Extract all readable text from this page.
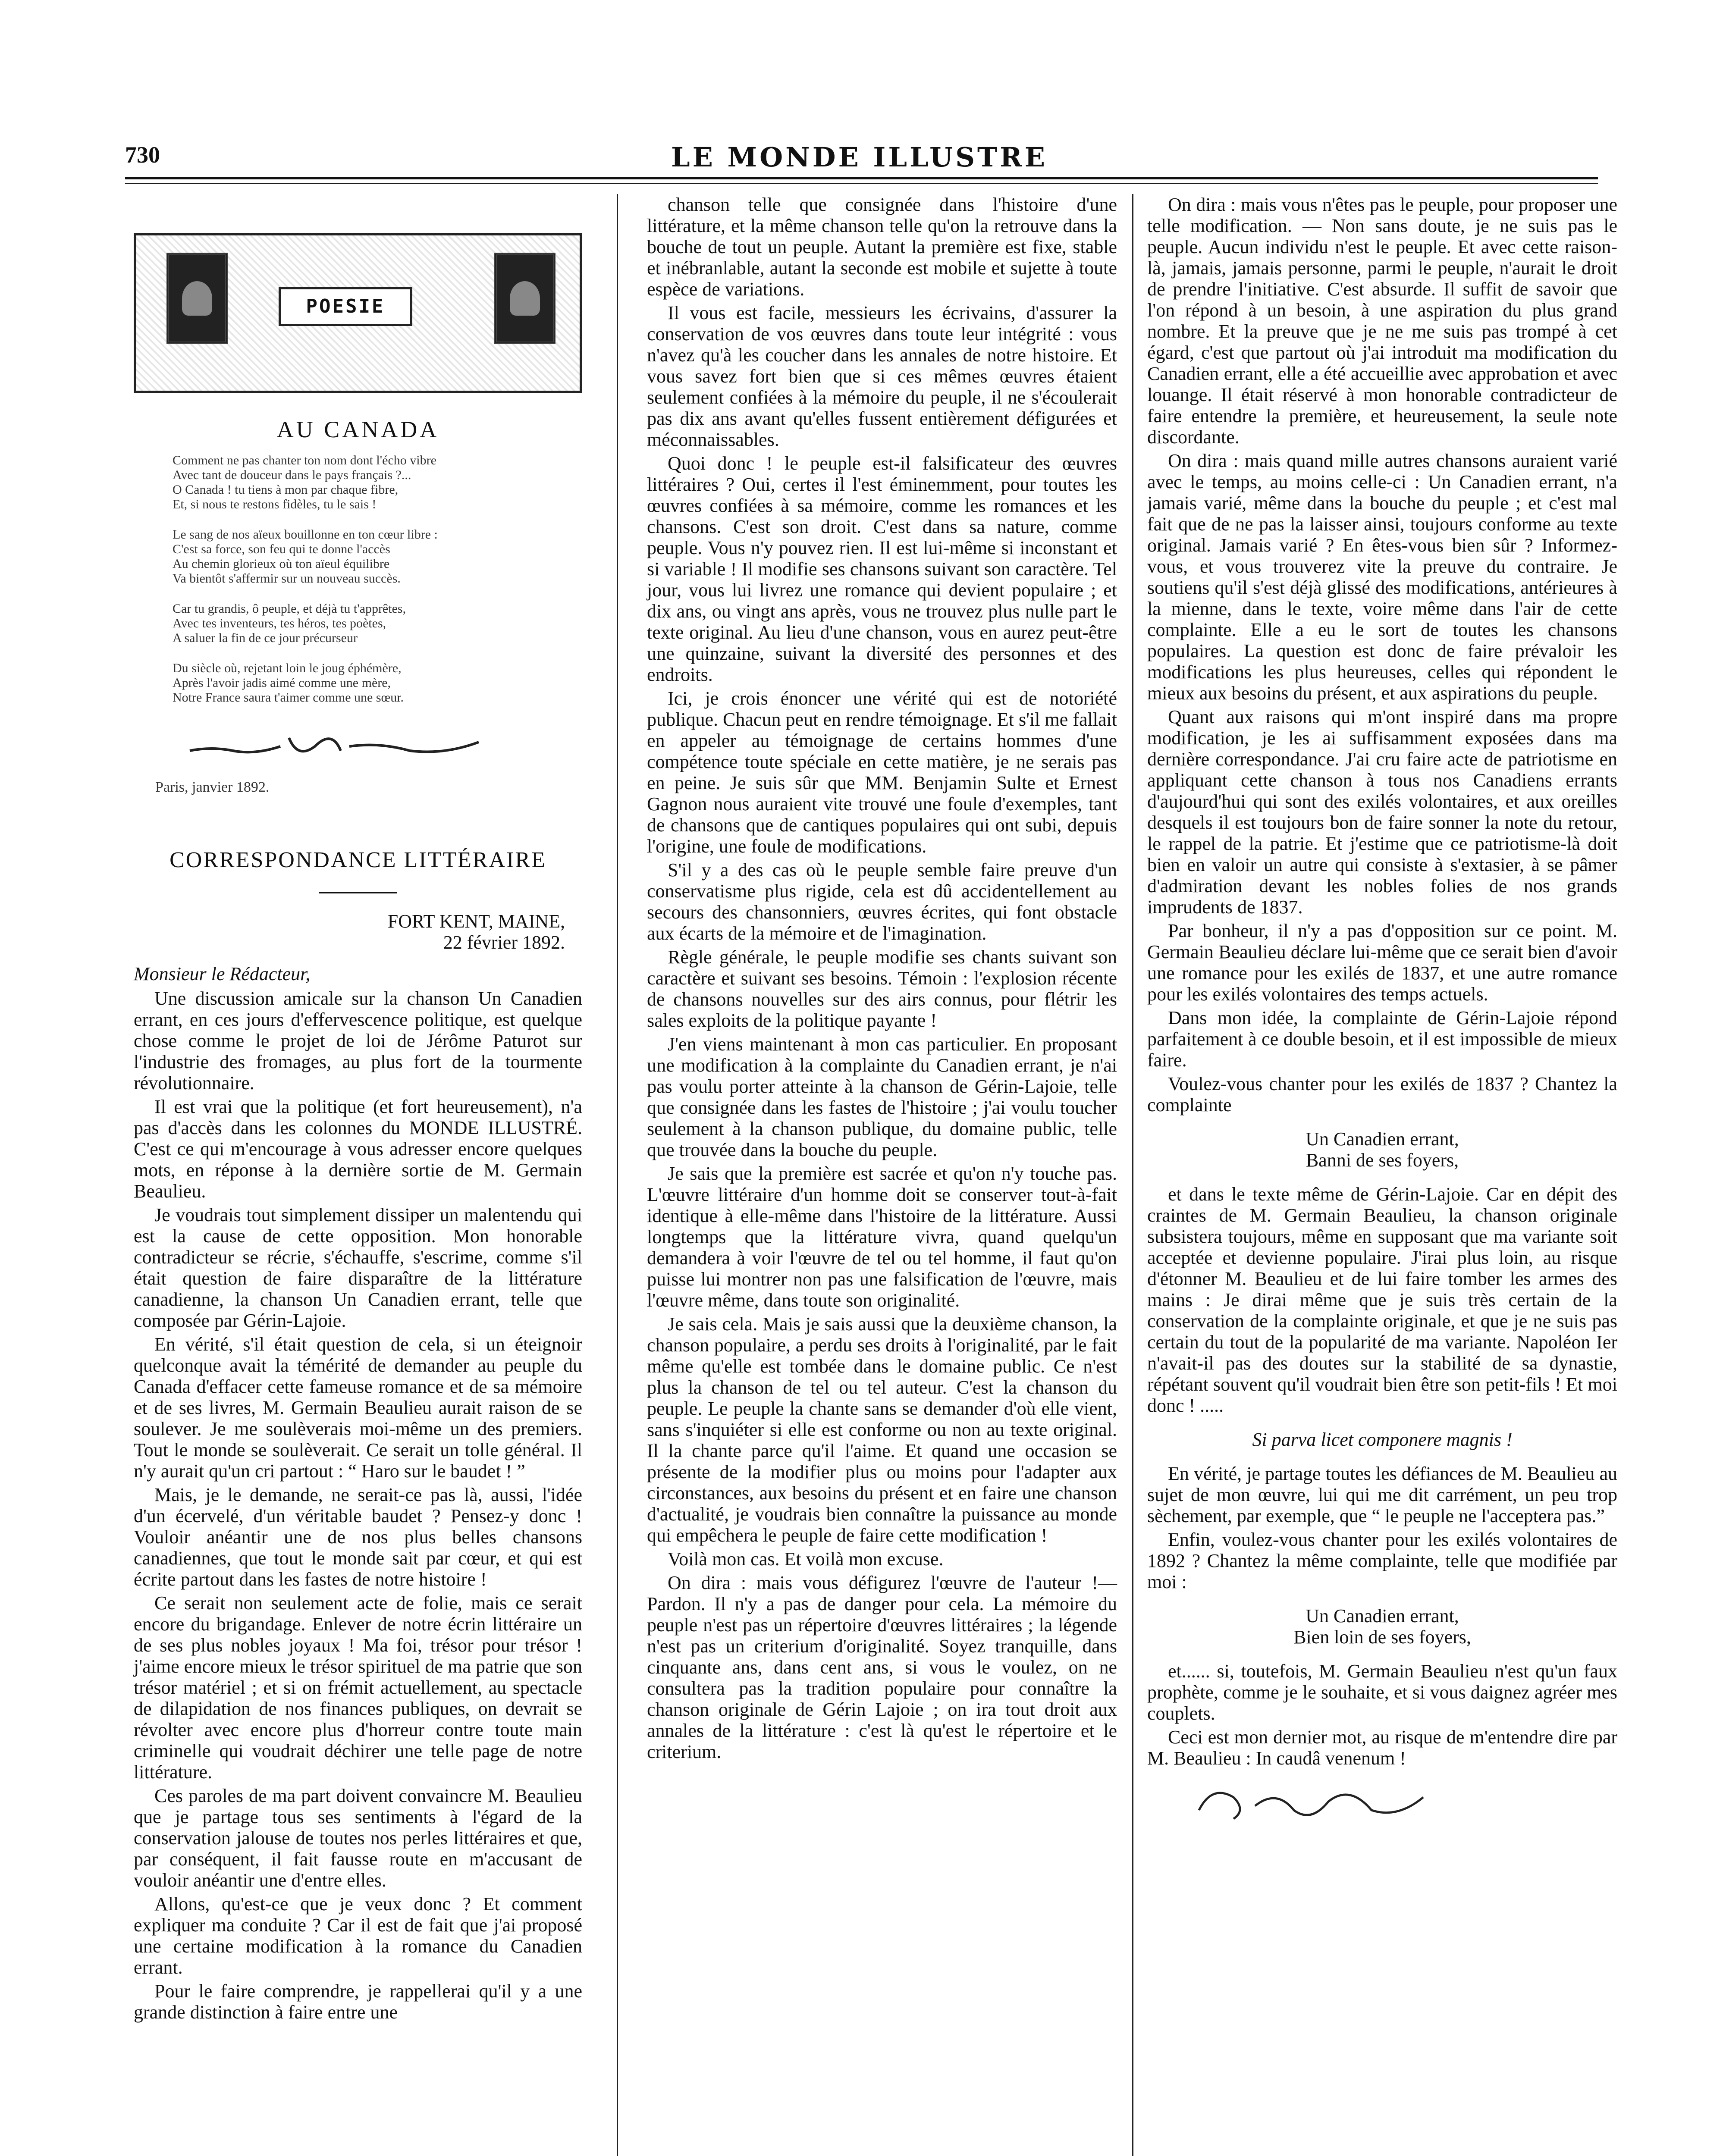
730	LE MONDE ILLUSTRE
POESIE
AU CANADA
Comment ne pas chanter ton nom dont l'écho vibre
Avec tant de douceur dans le pays français ?...
O Canada ! tu tiens à mon par chaque fibre,
Et, si nous te restons fidèles, tu le sais !
Le sang de nos aïeux bouillonne en ton cœur libre :
C'est sa force, son feu qui te donne l'accès
Au chemin glorieux où ton aïeul équilibre
Va bientôt s'affermir sur un nouveau succès.
Car tu grandis, ô peuple, et déjà tu t'apprêtes,
Avec tes inventeurs, tes héros, tes poètes,
A saluer la fin de ce jour précurseur
Du siècle où, rejetant loin le joug éphémère,
Après l'avoir jadis aimé comme une mère,
Notre France saura t'aimer comme une sœur.
Paris, janvier 1892.
CORRESPONDANCE LITTÉRAIRE
FORT KENT, MAINE,
22 février 1892.
Monsieur le Rédacteur,

Une discussion amicale sur la chanson Un Canadien errant, en ces jours d'effervescence politique, est quelque chose comme le projet de loi de Jérôme Paturot sur l'industrie des fromages, au plus fort de la tourmente révolutionnaire.

Il est vrai que la politique (et fort heureusement), n'a pas d'accès dans les colonnes du MONDE ILLUSTRÉ. C'est ce qui m'encourage à vous adresser encore quelques mots, en réponse à la dernière sortie de M. Germain Beaulieu.

Je voudrais tout simplement dissiper un malentendu qui est la cause de cette opposition. Mon honorable contradicteur se récrie, s'échauffe, s'escrime, comme s'il était question de faire disparaître de la littérature canadienne, la chanson Un Canadien errant, telle que composée par Gérin-Lajoie.

En vérité, s'il était question de cela, si un éteignoir quelconque avait la témérité de demander au peuple du Canada d'effacer cette fameuse romance et de sa mémoire et de ses livres, M. Germain Beaulieu aurait raison de se soulever. Je me soulèverais moi-même un des premiers. Tout le monde se soulèverait. Ce serait un tolle général. Il n'y aurait qu'un cri partout : “ Haro sur le baudet ! ”

Mais, je le demande, ne serait-ce pas là, aussi, l'idée d'un écervelé, d'un véritable baudet ? Pensez-y donc ! Vouloir anéantir une de nos plus belles chansons canadiennes, que tout le monde sait par cœur, et qui est écrite partout dans les fastes de notre histoire !

Ce serait non seulement acte de folie, mais ce serait encore du brigandage. Enlever de notre écrin littéraire un de ses plus nobles joyaux ! Ma foi, trésor pour trésor ! j'aime encore mieux le trésor spirituel de ma patrie que son trésor matériel ; et si on frémit actuellement, au spectacle de dilapidation de nos finances publiques, on devrait se révolter avec encore plus d'horreur contre toute main criminelle qui voudrait déchirer une telle page de notre littérature.

Ces paroles de ma part doivent convaincre M. Beaulieu que je partage tous ses sentiments à l'égard de la conservation jalouse de toutes nos perles littéraires et que, par conséquent, il fait fausse route en m'accusant de vouloir anéantir une d'entre elles.

Allons, qu'est-ce que je veux donc ? Et comment expliquer ma conduite ? Car il est de fait que j'ai proposé une certaine modification à la romance du Canadien errant.

Pour le faire comprendre, je rappellerai qu'il y a une grande distinction à faire entre une

chanson telle que consignée dans l'histoire d'une littérature, et la même chanson telle qu'on la retrouve dans la bouche de tout un peuple. Autant la première est fixe, stable et inébranlable, autant la seconde est mobile et sujette à toute espèce de variations.

Il vous est facile, messieurs les écrivains, d'assurer la conservation de vos œuvres dans toute leur intégrité : vous n'avez qu'à les coucher dans les annales de notre histoire. Et vous savez fort bien que si ces mêmes œuvres étaient seulement confiées à la mémoire du peuple, il ne s'écoulerait pas dix ans avant qu'elles fussent entièrement défigurées et méconnaissables.

Quoi donc ! le peuple est-il falsificateur des œuvres littéraires ? Oui, certes il l'est éminemment, pour toutes les œuvres confiées à sa mémoire, comme les romances et les chansons. C'est son droit. C'est dans sa nature, comme peuple. Vous n'y pouvez rien. Il est lui-même si inconstant et si variable ! Il modifie ses chansons suivant son caractère. Tel jour, vous lui livrez une romance qui devient populaire ; et dix ans, ou vingt ans après, vous ne trouvez plus nulle part le texte original. Au lieu d'une chanson, vous en aurez peut-être une quinzaine, suivant la diversité des personnes et des endroits.

Ici, je crois énoncer une vérité qui est de notoriété publique. Chacun peut en rendre témoignage. Et s'il me fallait en appeler au témoignage de certains hommes d'une compétence toute spéciale en cette matière, je ne serais pas en peine. Je suis sûr que MM. Benjamin Sulte et Ernest Gagnon nous auraient vite trouvé une foule d'exemples, tant de chansons que de cantiques populaires qui ont subi, depuis l'origine, une foule de modifications.

S'il y a des cas où le peuple semble faire preuve d'un conservatisme plus rigide, cela est dû accidentellement au secours des chansonniers, œuvres écrites, qui font obstacle aux écarts de la mémoire et de l'imagination.

Règle générale, le peuple modifie ses chants suivant son caractère et suivant ses besoins. Témoin : l'explosion récente de chansons nouvelles sur des airs connus, pour flétrir les sales exploits de la politique payante !

J'en viens maintenant à mon cas particulier. En proposant une modification à la complainte du Canadien errant, je n'ai pas voulu porter atteinte à la chanson de Gérin-Lajoie, telle que consignée dans les fastes de l'histoire ; j'ai voulu toucher seulement à la chanson publique, du domaine public, telle que trouvée dans la bouche du peuple.

Je sais que la première est sacrée et qu'on n'y touche pas. L'œuvre littéraire d'un homme doit se conserver tout-à-fait identique à elle-même dans l'histoire de la littérature. Aussi longtemps que la littérature vivra, quand quelqu'un demandera à voir l'œuvre de tel ou tel homme, il faut qu'on puisse lui montrer non pas une falsification de l'œuvre, mais l'œuvre même, dans toute son originalité.

Je sais cela. Mais je sais aussi que la deuxième chanson, la chanson populaire, a perdu ses droits à l'originalité, par le fait même qu'elle est tombée dans le domaine public. Ce n'est plus la chanson de tel ou tel auteur. C'est la chanson du peuple. Le peuple la chante sans se demander d'où elle vient, sans s'inquiéter si elle est conforme ou non au texte original. Il la chante parce qu'il l'aime. Et quand une occasion se présente de la modifier plus ou moins pour l'adapter aux circonstances, aux besoins du présent et en faire une chanson d'actualité, je voudrais bien connaître la puissance au monde qui empêchera le peuple de faire cette modification !

Voilà mon cas. Et voilà mon excuse.

On dira : mais vous défigurez l'œuvre de l'auteur !— Pardon. Il n'y a pas de danger pour cela. La mémoire du peuple n'est pas un répertoire d'œuvres littéraires ; la légende n'est pas un criterium d'originalité. Soyez tranquille, dans cinquante ans, dans cent ans, si vous le voulez, on ne consultera pas la tradition populaire pour connaître la chanson originale de Gérin Lajoie ; on ira tout droit aux annales de la littérature : c'est là qu'est le répertoire et le criterium.

On dira : mais vous n'êtes pas le peuple, pour proposer une telle modification. — Non sans doute, je ne suis pas le peuple. Aucun individu n'est le peuple. Et avec cette raison-là, jamais, jamais personne, parmi le peuple, n'aurait le droit de prendre l'initiative. C'est absurde. Il suffit de savoir que l'on répond à un besoin, à une aspiration du plus grand nombre. Et la preuve que je ne me suis pas trompé à cet égard, c'est que partout où j'ai introduit ma modification du Canadien errant, elle a été accueillie avec approbation et avec louange. Il était réservé à mon honorable contradicteur de faire entendre la première, et heureusement, la seule note discordante.

On dira : mais quand mille autres chansons auraient varié avec le temps, au moins celle-ci : Un Canadien errant, n'a jamais varié, même dans la bouche du peuple ; et c'est mal fait que de ne pas la laisser ainsi, toujours conforme au texte original. Jamais varié ? En êtes-vous bien sûr ? Informez-vous, et vous trouverez vite la preuve du contraire. Je soutiens qu'il s'est déjà glissé des modifications, antérieures à la mienne, dans le texte, voire même dans l'air de cette complainte. Elle a eu le sort de toutes les chansons populaires. La question est donc de faire prévaloir les modifications les plus heureuses, celles qui répondent le mieux aux besoins du présent, et aux aspirations du peuple.

Quant aux raisons qui m'ont inspiré dans ma propre modification, je les ai suffisamment exposées dans ma dernière correspondance. J'ai cru faire acte de patriotisme en appliquant cette chanson à tous nos Canadiens errants d'aujourd'hui qui sont des exilés volontaires, et aux oreilles desquels il est toujours bon de faire sonner la note du retour, le rappel de la patrie. Et j'estime que ce patriotisme-là doit bien en valoir un autre qui consiste à s'extasier, à se pâmer d'admiration devant les nobles folies de nos grands imprudents de 1837.

Par bonheur, il n'y a pas d'opposition sur ce point. M. Germain Beaulieu déclare lui-même que ce serait bien d'avoir une romance pour les exilés de 1837, et une autre romance pour les exilés volontaires des temps actuels.

Dans mon idée, la complainte de Gérin-Lajoie répond parfaitement à ce double besoin, et il est impossible de mieux faire.

Voulez-vous chanter pour les exilés de 1837 ? Chantez la complainte

Un Canadien errant,
Banni de ses foyers,

et dans le texte même de Gérin-Lajoie. Car en dépit des craintes de M. Germain Beaulieu, la chanson originale subsistera toujours, même en supposant que ma variante soit acceptée et devienne populaire. J'irai plus loin, au risque d'étonner M. Beaulieu et de lui faire tomber les armes des mains : Je dirai même que je suis très certain de la conservation de la complainte originale, et que je ne suis pas certain du tout de la popularité de ma variante. Napoléon Ier n'avait-il pas des doutes sur la stabilité de sa dynastie, répétant souvent qu'il voudrait bien être son petit-fils ! Et moi donc ! .....

Si parva licet componere magnis !

En vérité, je partage toutes les défiances de M. Beaulieu au sujet de mon œuvre, lui qui me dit carrément, un peu trop sèchement, par exemple, que “ le peuple ne l'acceptera pas.”

Enfin, voulez-vous chanter pour les exilés volontaires de 1892 ? Chantez la même complainte, telle que modifiée par moi :

Un Canadien errant,
Bien loin de ses foyers,

et...... si, toutefois, M. Germain Beaulieu n'est qu'un faux prophète, comme je le souhaite, et si vous daignez agréer mes couplets.

Ceci est mon dernier mot, au risque de m'entendre dire par M. Beaulieu : In caudâ venenum !
